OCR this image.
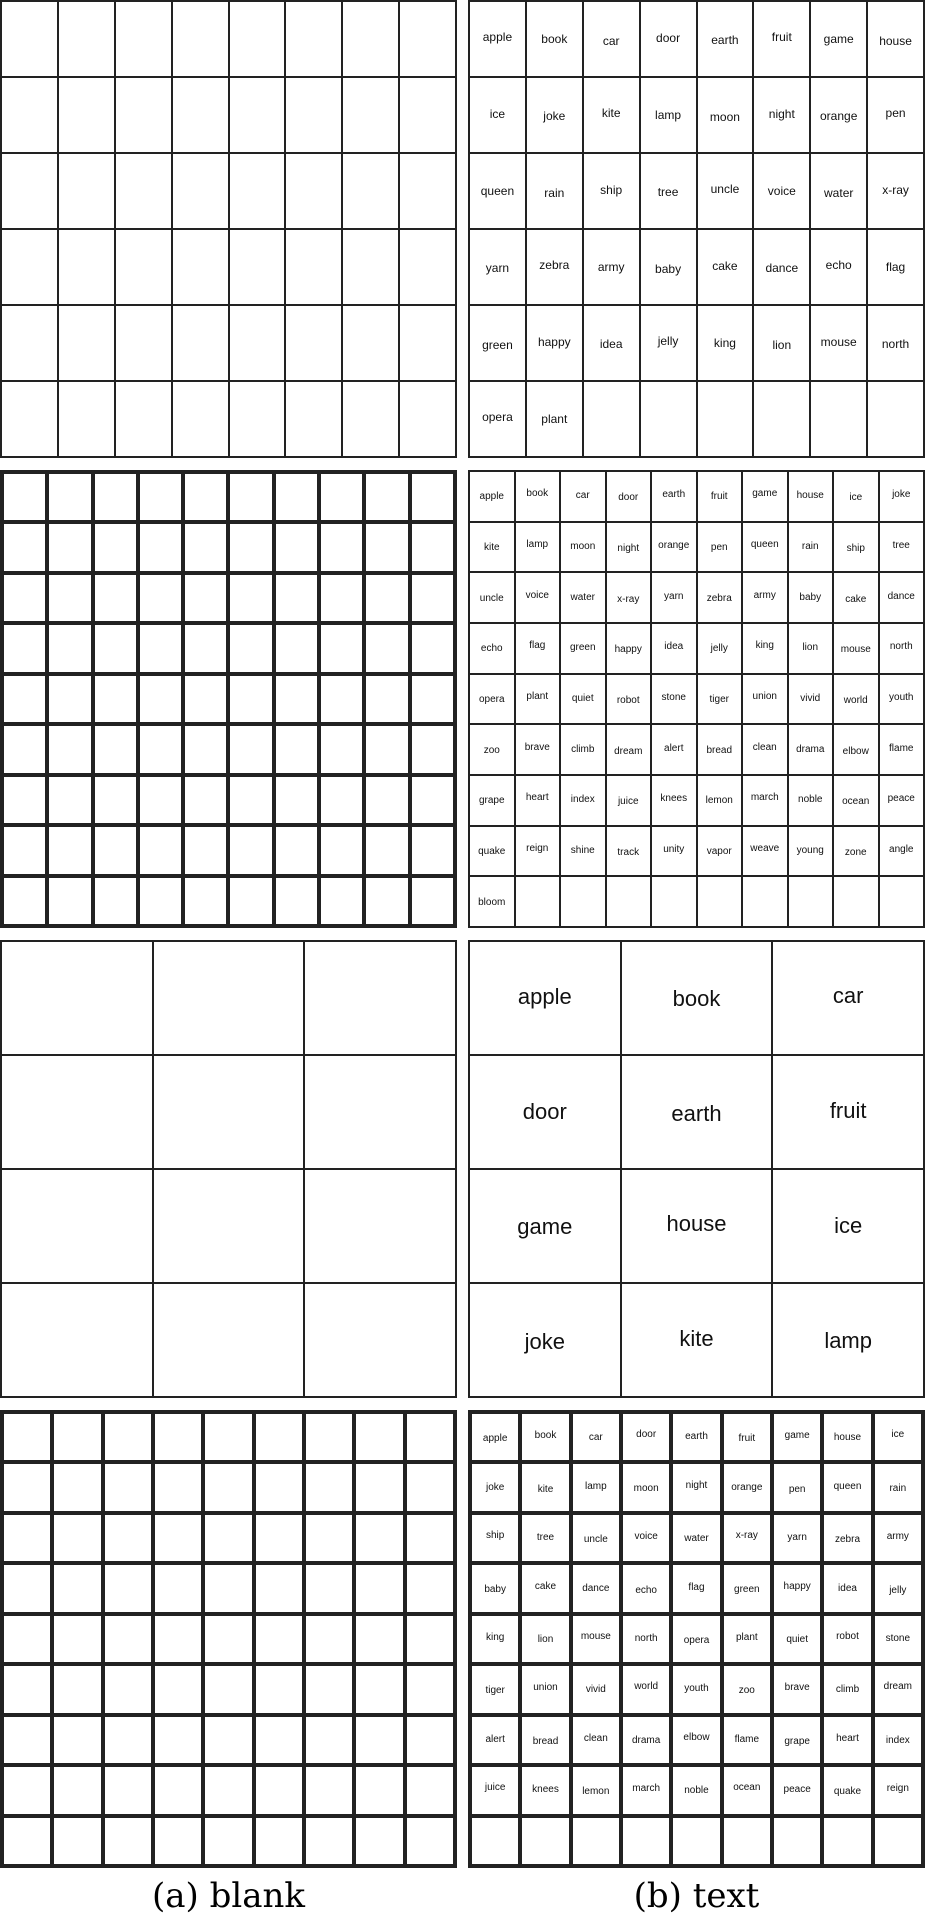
apple	book	car	door	earth	fruit	game	house
ice	joke	kite	lamp	moon	night	orange	pen
queen	rain	ship	tree	uncle	voice	water	x-ray
yarn	zebra	army	baby	cake	dance	echo	flag
green	happy	idea	jelly	king	lion	mouse	north
opera	plant
apple	book	car	door	earth	fruit	game	house	ice	joke
kite	lamp	moon	night	orange	pen	queen	rain	ship	tree
uncle	voice	water	x-ray	yarn	zebra	army	baby	cake	dance
echo	flag	green	happy	idea	jelly	king	lion	mouse	north
opera	plant	quiet	robot	stone	tiger	union	vivid	world	youth
zoo	brave	climb	dream	alert	bread	clean	drama	elbow	flame
grape	heart	index	juice	knees	lemon	march	noble	ocean	peace
quake	reign	shine	track	unity	vapor	weave	young	zone	angle
bloom
apple	book	car
door	earth	fruit
game	house	ice
joke	kite	lamp
apple	book	car	door	earth	fruit	game	house	ice
joke	kite	lamp	moon	night	orange	pen	queen	rain
ship	tree	uncle	voice	water	x-ray	yarn	zebra	army
baby	cake	dance	echo	flag	green	happy	idea	jelly
king	lion	mouse	north	opera	plant	quiet	robot	stone
tiger	union	vivid	world	youth	zoo	brave	climb	dream
alert	bread	clean	drama	elbow	flame	grape	heart	index
juice	knees	lemon	march	noble	ocean	peace	quake	reign
(a) blank	(b) text
